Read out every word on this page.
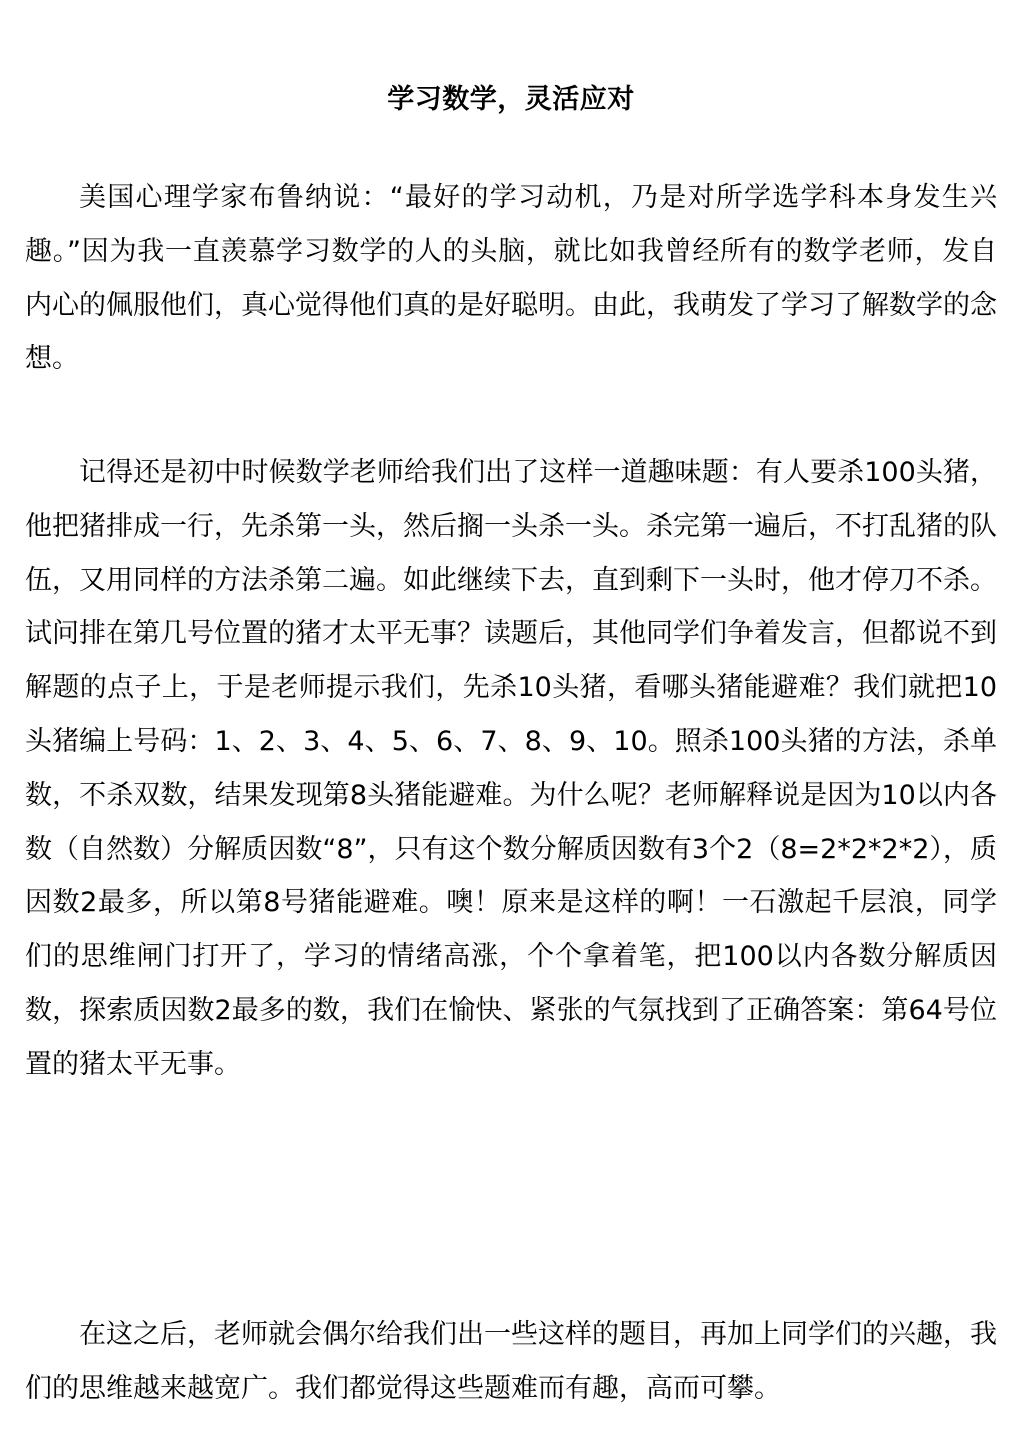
学习数学，灵活应对

美国心理学家布鲁纳说：“最好的学习动机，乃是对所学选学科本身发生兴趣。”因为我一直羡慕学习数学的人的头脑，就比如我曾经所有的数学老师，发自内心的佩服他们，真心觉得他们真的是好聪明。由此，我萌发了学习了解数学的念想。

记得还是初中时候数学老师给我们出了这样一道趣味题：有人要杀100头猪，他把猪排成一行，先杀第一头，然后搁一头杀一头。杀完第一遍后，不打乱猪的队伍，又用同样的方法杀第二遍。如此继续下去，直到剩下一头时，他才停刀不杀。试问排在第几号位置的猪才太平无事？读题后，其他同学们争着发言，但都说不到解题的点子上，于是老师提示我们，先杀10头猪，看哪头猪能避难？我们就把10头猪编上号码：1、2、3、4、5、6、7、8、9、10。照杀100头猪的方法，杀单数，不杀双数，结果发现第8头猪能避难。为什么呢？老师解释说是因为10以内各数（自然数）分解质因数“8”，只有这个数分解质因数有3个2（8=2*2*2*2），质因数2最多，所以第8号猪能避难。噢！原来是这样的啊！一石激起千层浪，同学们的思维闸门打开了，学习的情绪高涨，个个拿着笔，把100以内各数分解质因数，探索质因数2最多的数，我们在愉快、紧张的气氛找到了正确答案：第64号位置的猪太平无事。

在这之后，老师就会偶尔给我们出一些这样的题目，再加上同学们的兴趣，我们的思维越来越宽广。我们都觉得这些题难而有趣，高而可攀。
